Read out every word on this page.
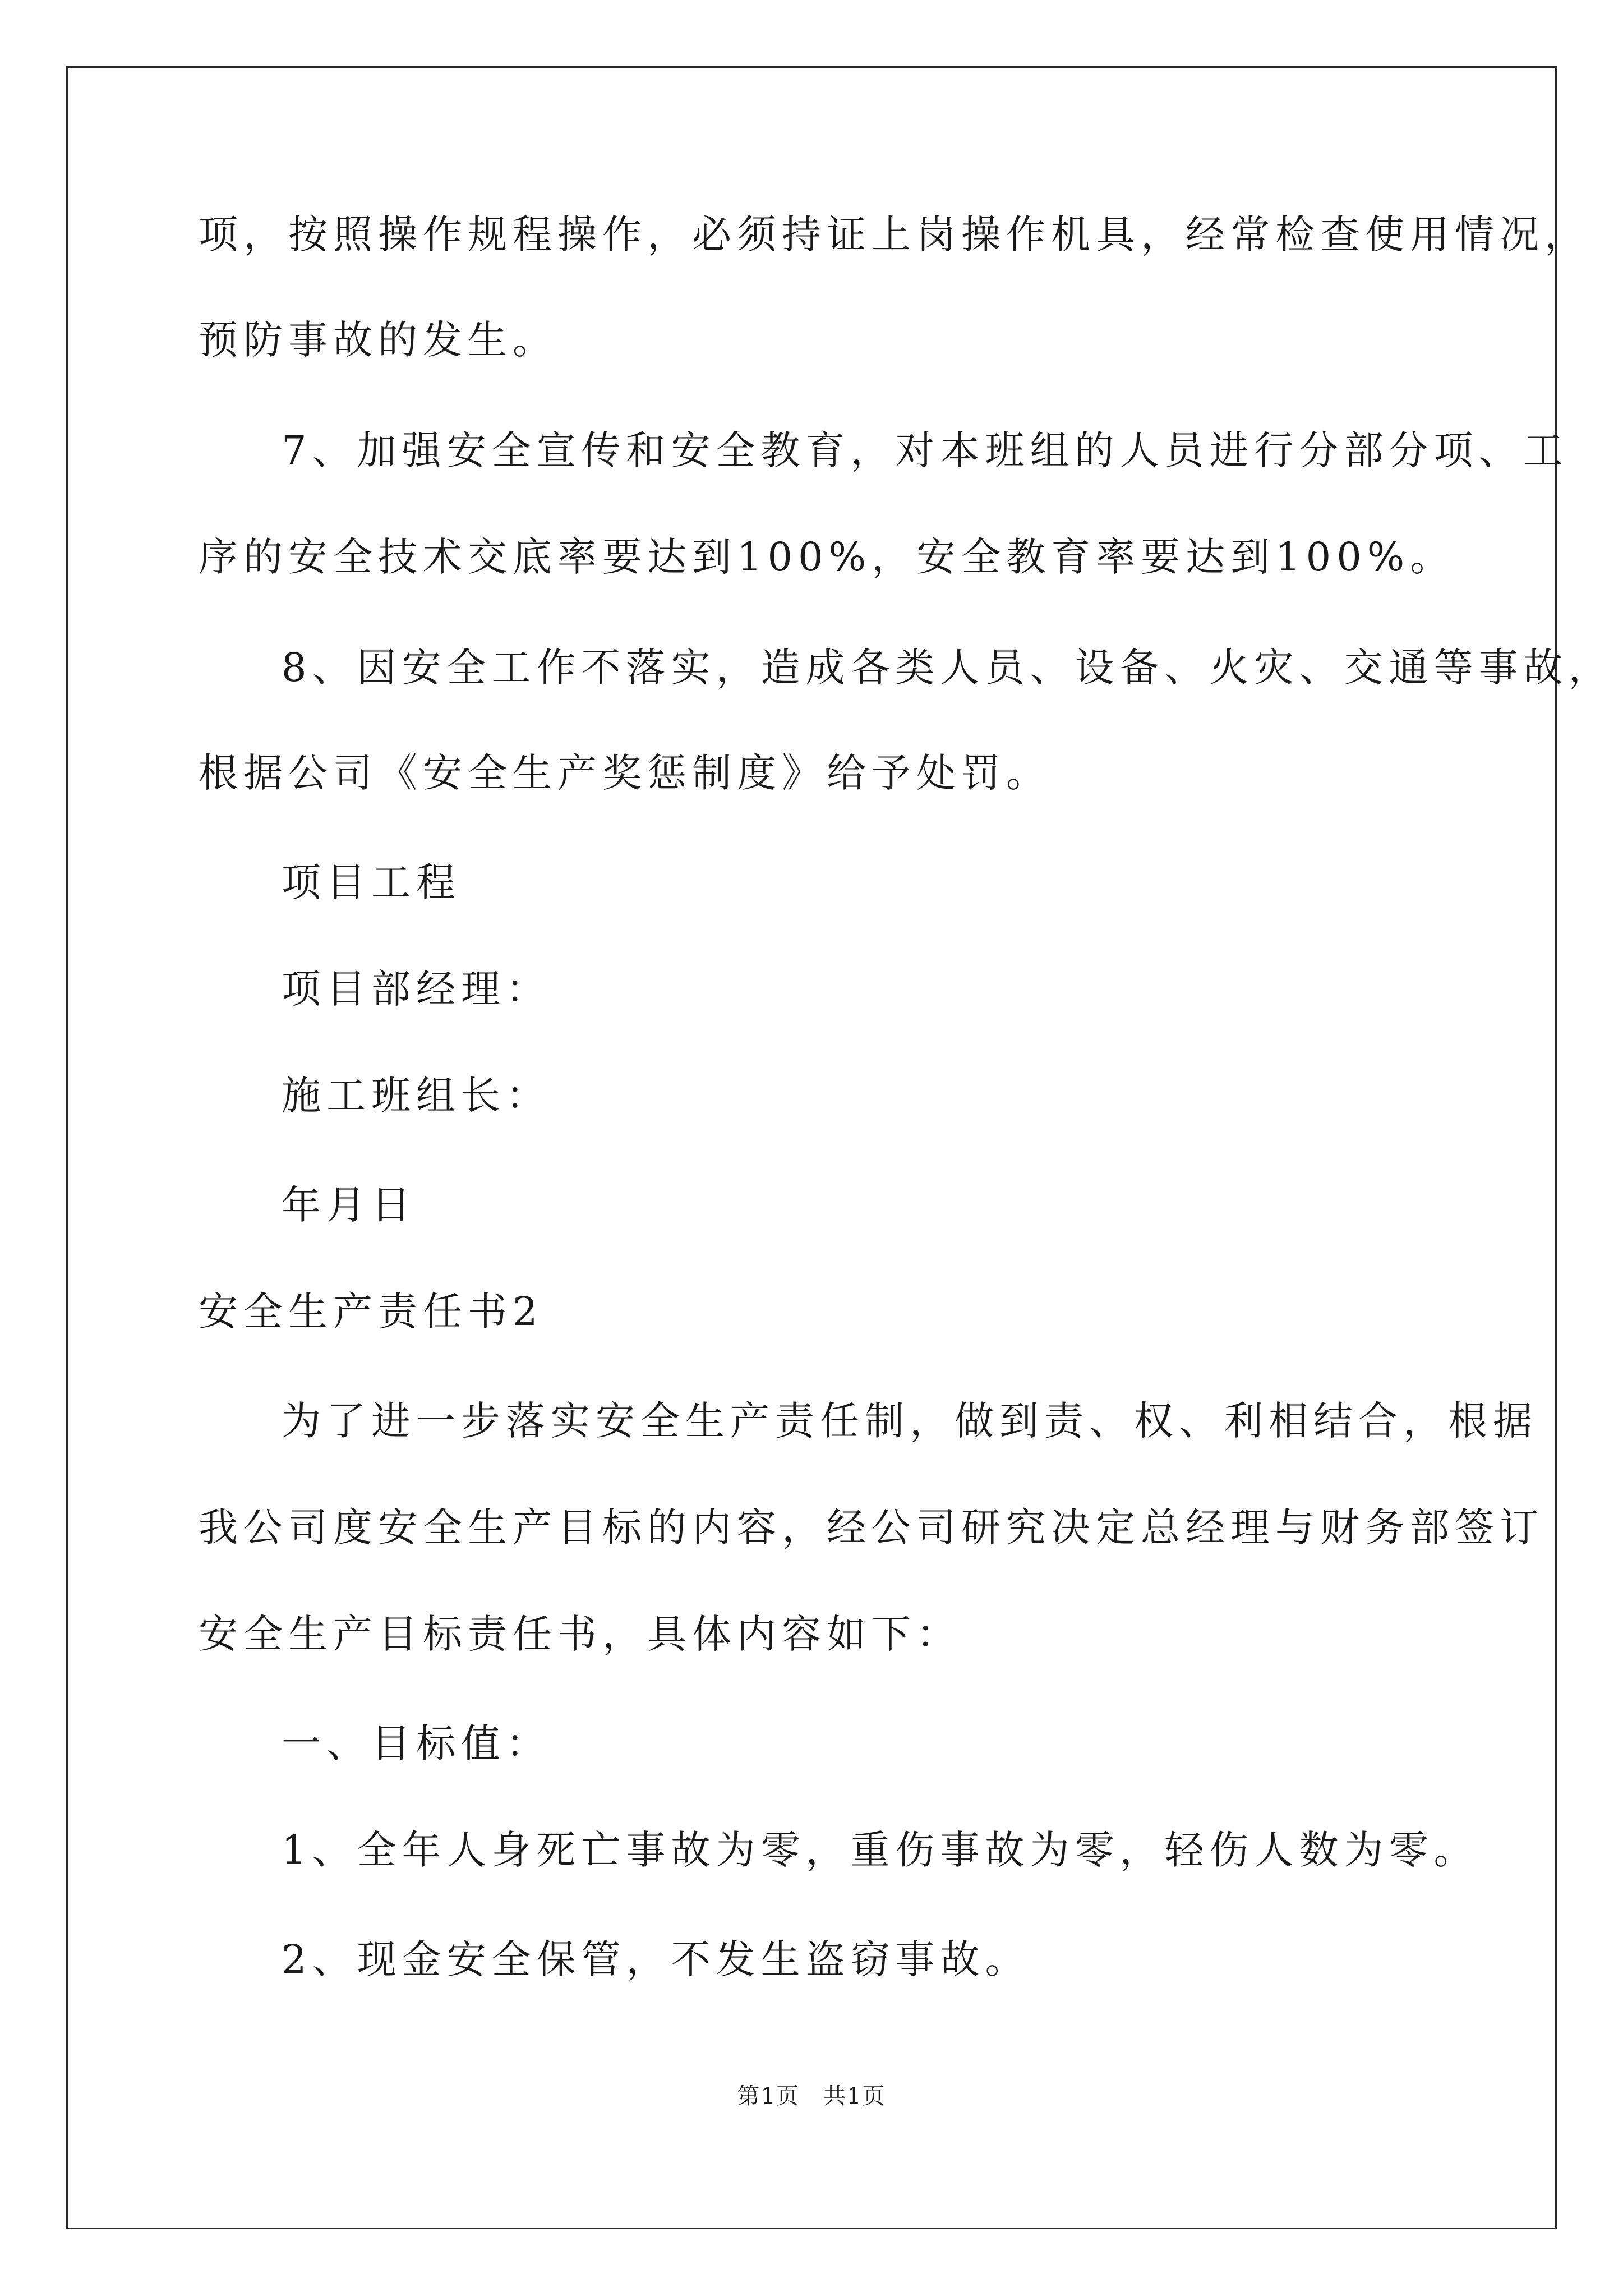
项，按照操作规程操作，必须持证上岗操作机具，经常检查使用情况，
预防事故的发生。
7、加强安全宣传和安全教育，对本班组的人员进行分部分项、工
序的安全技术交底率要达到100%，安全教育率要达到100%。
8、因安全工作不落实，造成各类人员、设备、火灾、交通等事故，
根据公司《安全生产奖惩制度》给予处罚。
项目工程
项目部经理：
施工班组长：
年月日
安全生产责任书2
为了进一步落实安全生产责任制，做到责、权、利相结合，根据
我公司度安全生产目标的内容，经公司研究决定总经理与财务部签订
安全生产目标责任书，具体内容如下：
一、目标值：
1、全年人身死亡事故为零，重伤事故为零，轻伤人数为零。
2、现金安全保管，不发生盗窃事故。
第1页　共1页
